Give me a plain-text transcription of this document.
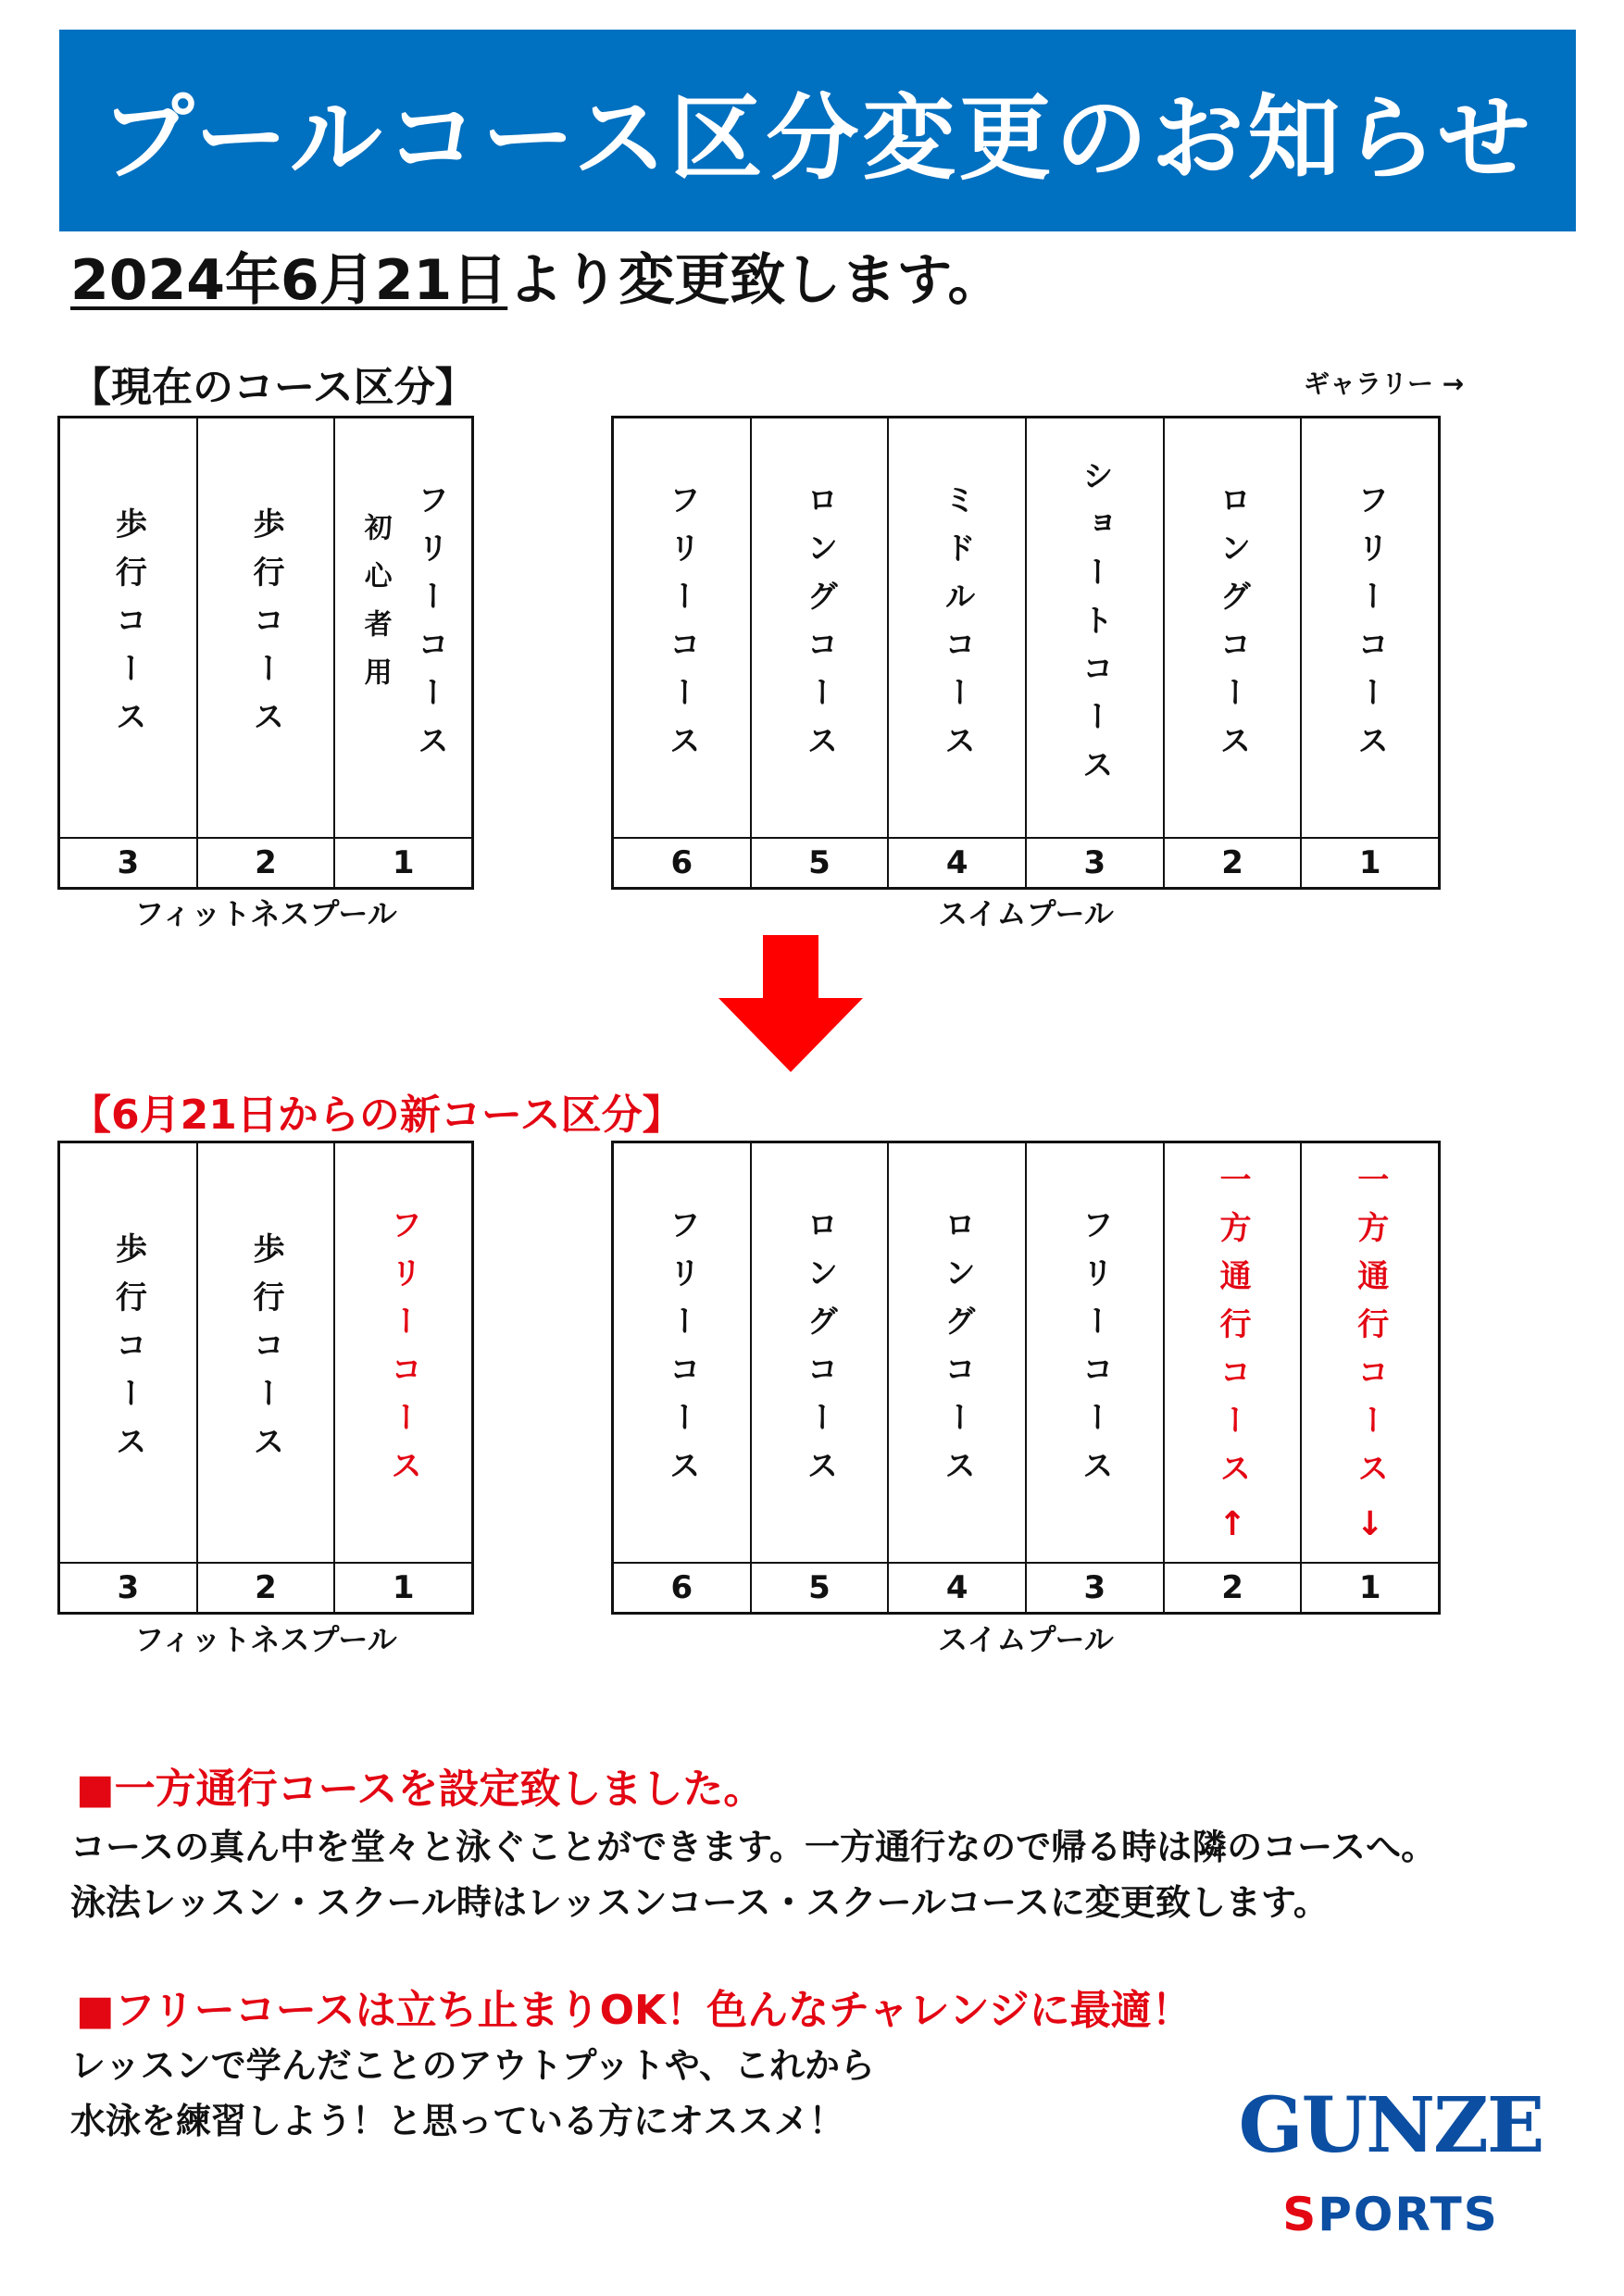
プールコース区分変更のお知らせ
2024年6月21日より変更致します。
【現在のコース区分】	ギャラリー →
歩行コース
3
歩行コース
2
初心者用 フリーコース
1
フィットネスプール
フリーコース
6
ロングコース
5
ミドルコース
4
ショートコース
3
ロングコース
2
フリーコース
1
スイムプール
【6月21日からの新コース区分】
歩行コース
3
歩行コース
2
フリーコース
1
フィットネスプール
フリーコース
6
ロングコース
5
ロングコース
4
フリーコース
3
一方通行コース
↑
2
一方通行コース
↓
1
スイムプール
■一方通行コースを設定致しました。
コースの真ん中を堂々と泳ぐことができます。一方通行なので帰る時は隣のコースへ。
泳法レッスン・スクール時はレッスンコース・スクールコースに変更致します。
■フリーコースは立ち止まりOK！色んなチャレンジに最適！
レッスンで学んだことのアウトプットや、これから
水泳を練習しよう！と思っている方にオススメ！	GUNZE
SPORTS
